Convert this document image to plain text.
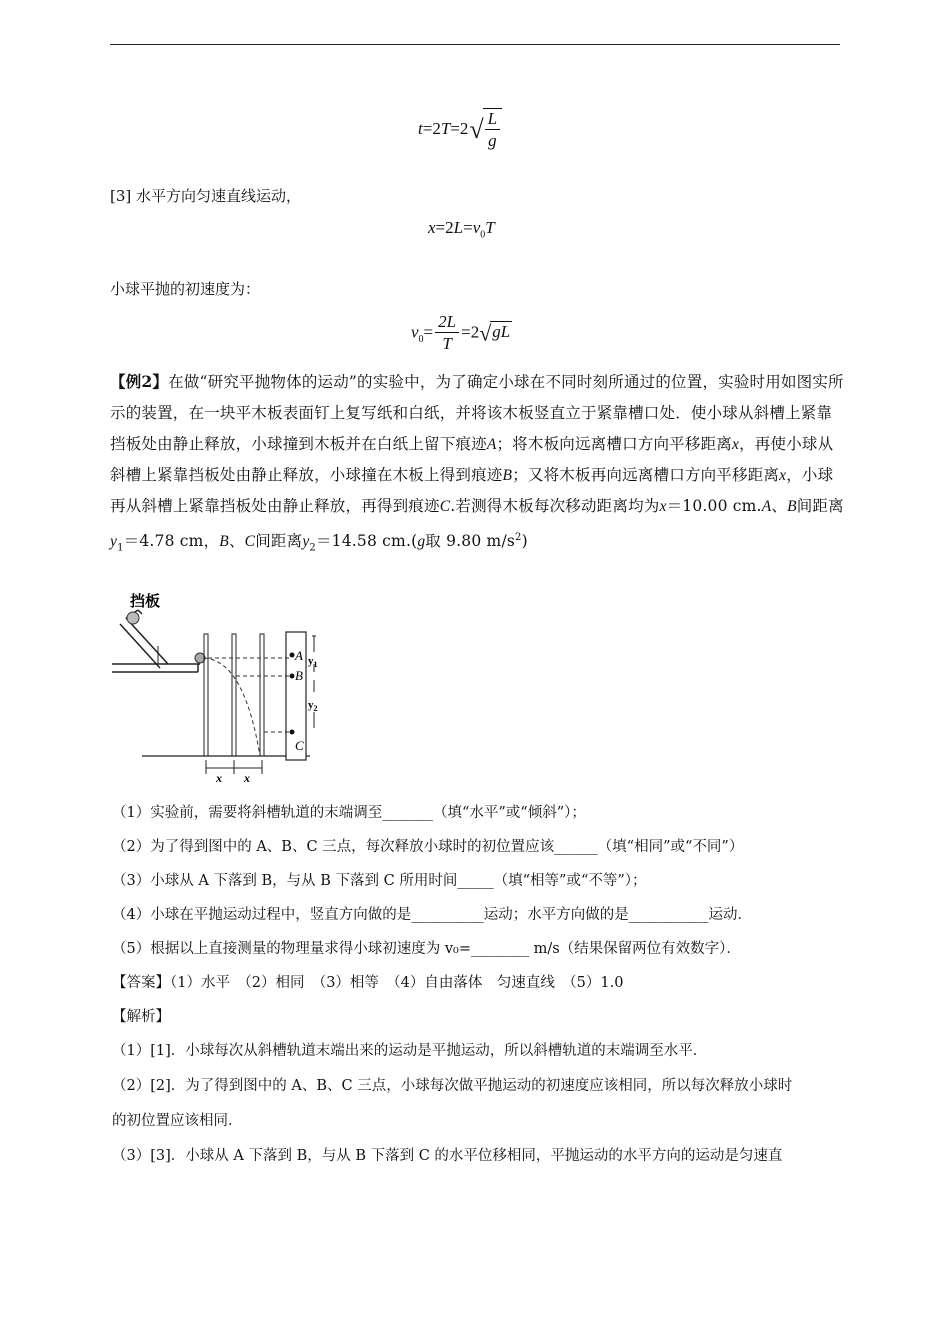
$t=2T=2√ \frac{L}{g}$
[3] 水平方向匀速直线运动，
$x=2L=v_0T$
小球平抛的初速度为：
$v_0= \frac{2L}{T} =2√gL$
【例2】在做“研究平抛物体的运动”的实验中，为了确定小球在不同时刻所通过的位置，实验时用如图实所示的装置，在一块平木板表面钉上复写纸和白纸，并将该木板竖直立于紧靠槽口处．使小球从斜槽上紧靠挡板处由静止释放，小球撞到木板并在白纸上留下痕迹A；将木板向远离槽口方向平移距离x，再使小球从斜槽上紧靠挡板处由静止释放，小球撞在木板上得到痕迹B；又将木板再向远离槽口方向平移距离x，小球再从斜槽上紧靠挡板处由静止释放，再得到痕迹C.若测得木板每次移动距离均为x＝10.00 cm.A、B间距离$y_1=4.78$ cm，B、C间距离$y_2=14.58$ cm.(g取 9.80 $m/s^2$)
挡板
A
B
C
$y_1$
$y_2$
x x
（1）实验前，需要将斜槽轨道的末端调至_______（填“水平”或“倾斜”）；
（2）为了得到图中的 A、B、C 三点，每次释放小球时的初位置应该______（填“相同”或“不同”）
（3）小球从 A 下落到 B，与从 B 下落到 C 所用时间_____（填“相等”或“不等”）；
（4）小球在平抛运动过程中，竖直方向做的是__________运动；水平方向做的是___________运动．
（5）根据以上直接测量的物理量求得小球初速度为 v₀=________ m/s（结果保留两位有效数字）．
【答案】（1）水平　（2）相同　（3）相等　（4）自由落体　匀速直线　（5）1.0
【解析】
（1）[1]．小球每次从斜槽轨道末端出来的运动是平抛运动，所以斜槽轨道的末端调至水平．
（2）[2]．为了得到图中的 A、B、C 三点，小球每次做平抛运动的初速度应该相同，所以每次释放小球时
的初位置应该相同．
（3）[3]．小球从 A 下落到 B，与从 B 下落到 C 的水平位移相同，平抛运动的水平方向的运动是匀速直
